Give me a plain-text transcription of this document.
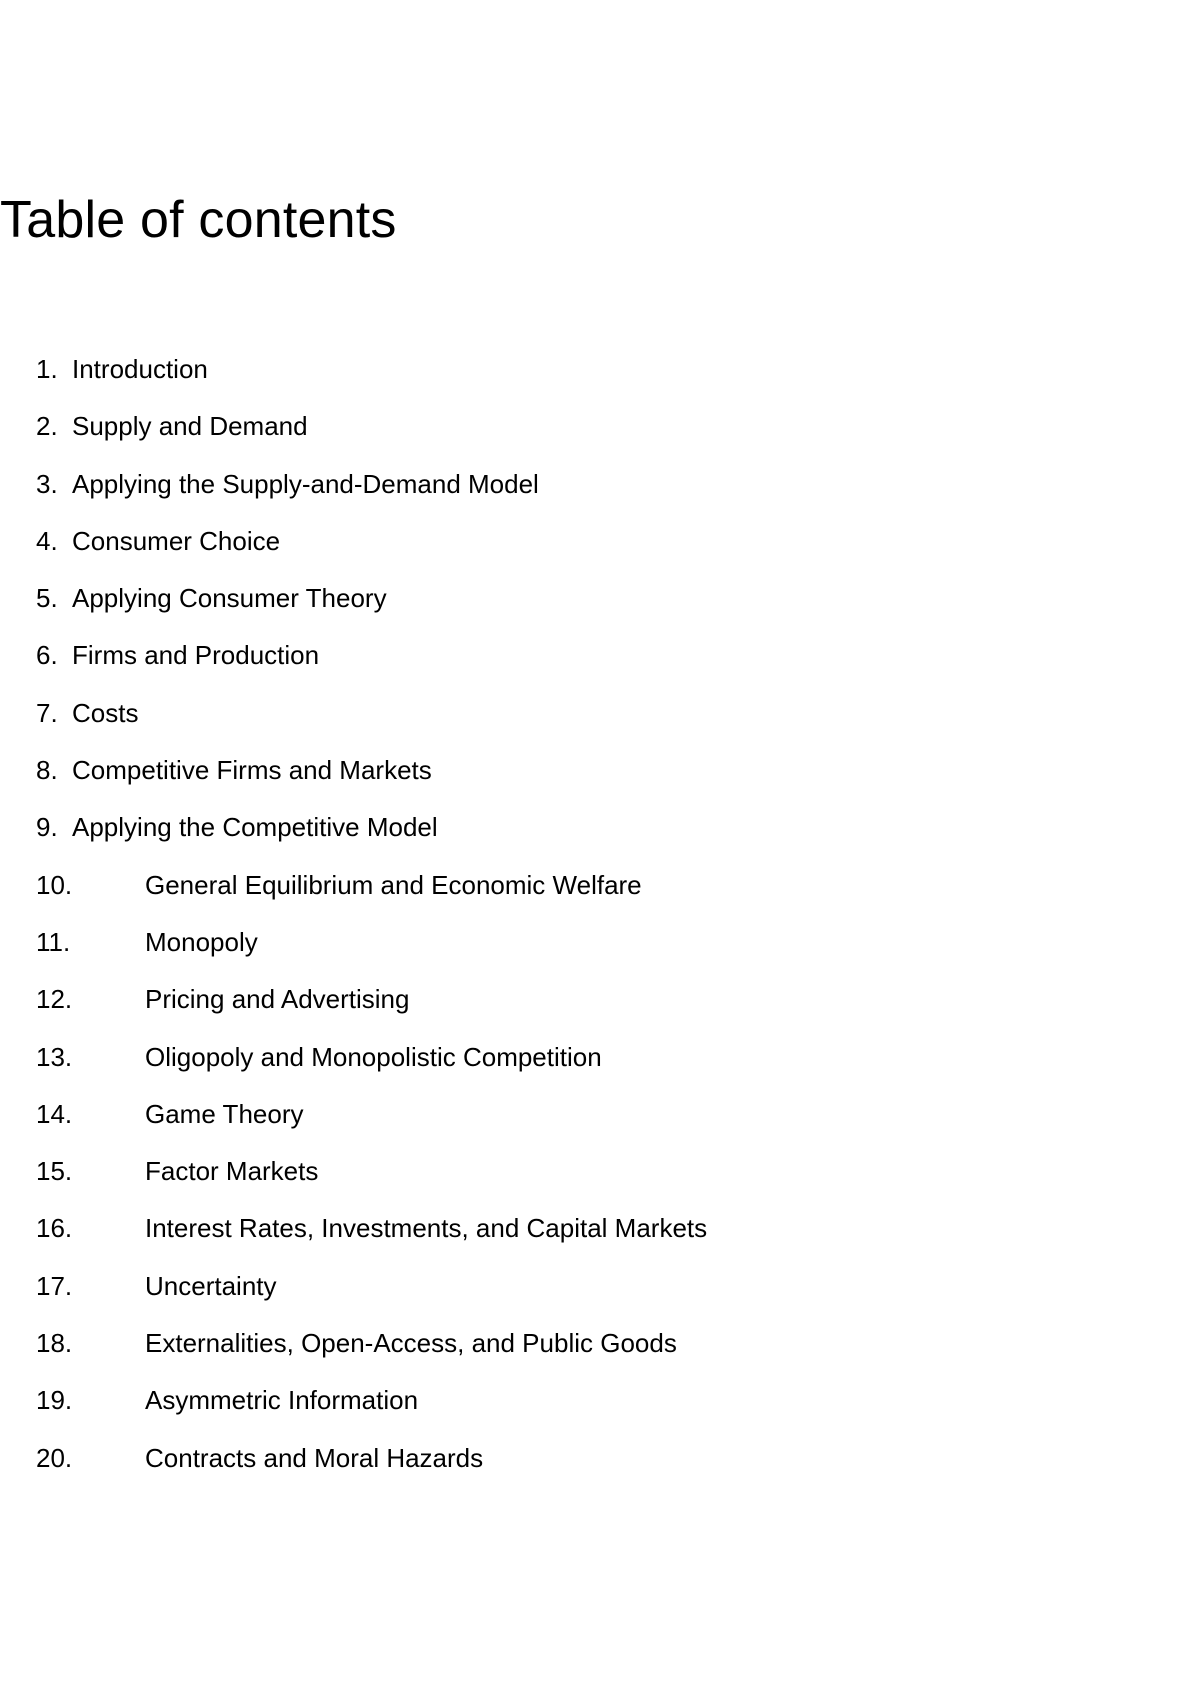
Table of contents
1. Introduction
2. Supply and Demand
3. Applying the Supply-and-Demand Model
4. Consumer Choice
5. Applying Consumer Theory
6. Firms and Production
7. Costs
8. Competitive Firms and Markets
9. Applying the Competitive Model
10.	General Equilibrium and Economic Welfare
11.	Monopoly
12.	Pricing and Advertising
13.	Oligopoly and Monopolistic Competition
14.	Game Theory
15.	Factor Markets
16.	Interest Rates, Investments, and Capital Markets
17.	Uncertainty
18.	Externalities, Open-Access, and Public Goods
19.	Asymmetric Information
20.	Contracts and Moral Hazards
